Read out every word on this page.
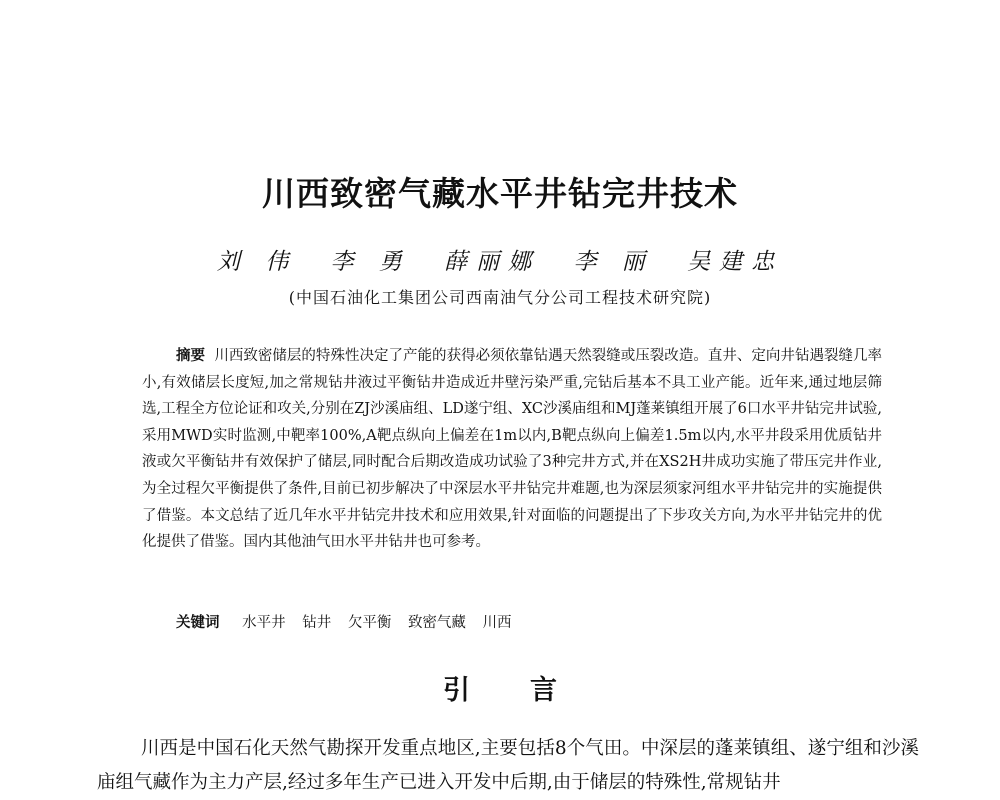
川西致密气藏水平井钻完井技术
刘 伟 李 勇 薛丽娜 李 丽 吴建忠
(中国石油化工集团公司西南油气分公司工程技术研究院)
摘要 川西致密储层的特殊性决定了产能的获得必须依靠钻遇天然裂缝或压裂改造。直井、定向井钻遇裂缝几率小,有效储层长度短,加之常规钻井液过平衡钻井造成近井壁污染严重,完钻后基本不具工业产能。近年来,通过地层筛选,工程全方位论证和攻关,分别在ZJ沙溪庙组、LD遂宁组、XC沙溪庙组和MJ蓬莱镇组开展了6口水平井钻完井试验,采用MWD实时监测,中靶率100%,A靶点纵向上偏差在1m以内,B靶点纵向上偏差1.5m以内,水平井段采用优质钻井液或欠平衡钻井有效保护了储层,同时配合后期改造成功试验了3种完井方式,并在XS2H井成功实施了带压完井作业,为全过程欠平衡提供了条件,目前已初步解决了中深层水平井钻完井难题,也为深层须家河组水平井钻完井的实施提供了借鉴。本文总结了近几年水平井钻完井技术和应用效果,针对面临的问题提出了下步攻关方向,为水平井钻完井的优化提供了借鉴。国内其他油气田水平井钻井也可参考。
关键词 水平井 钻井 欠平衡 致密气藏 川西
引言
川西是中国石化天然气勘探开发重点地区,主要包括8个气田。中深层的蓬莱镇组、遂宁组和沙溪庙组气藏作为主力产层,经过多年生产已进入开发中后期,由于储层的特殊性,常规钻井
